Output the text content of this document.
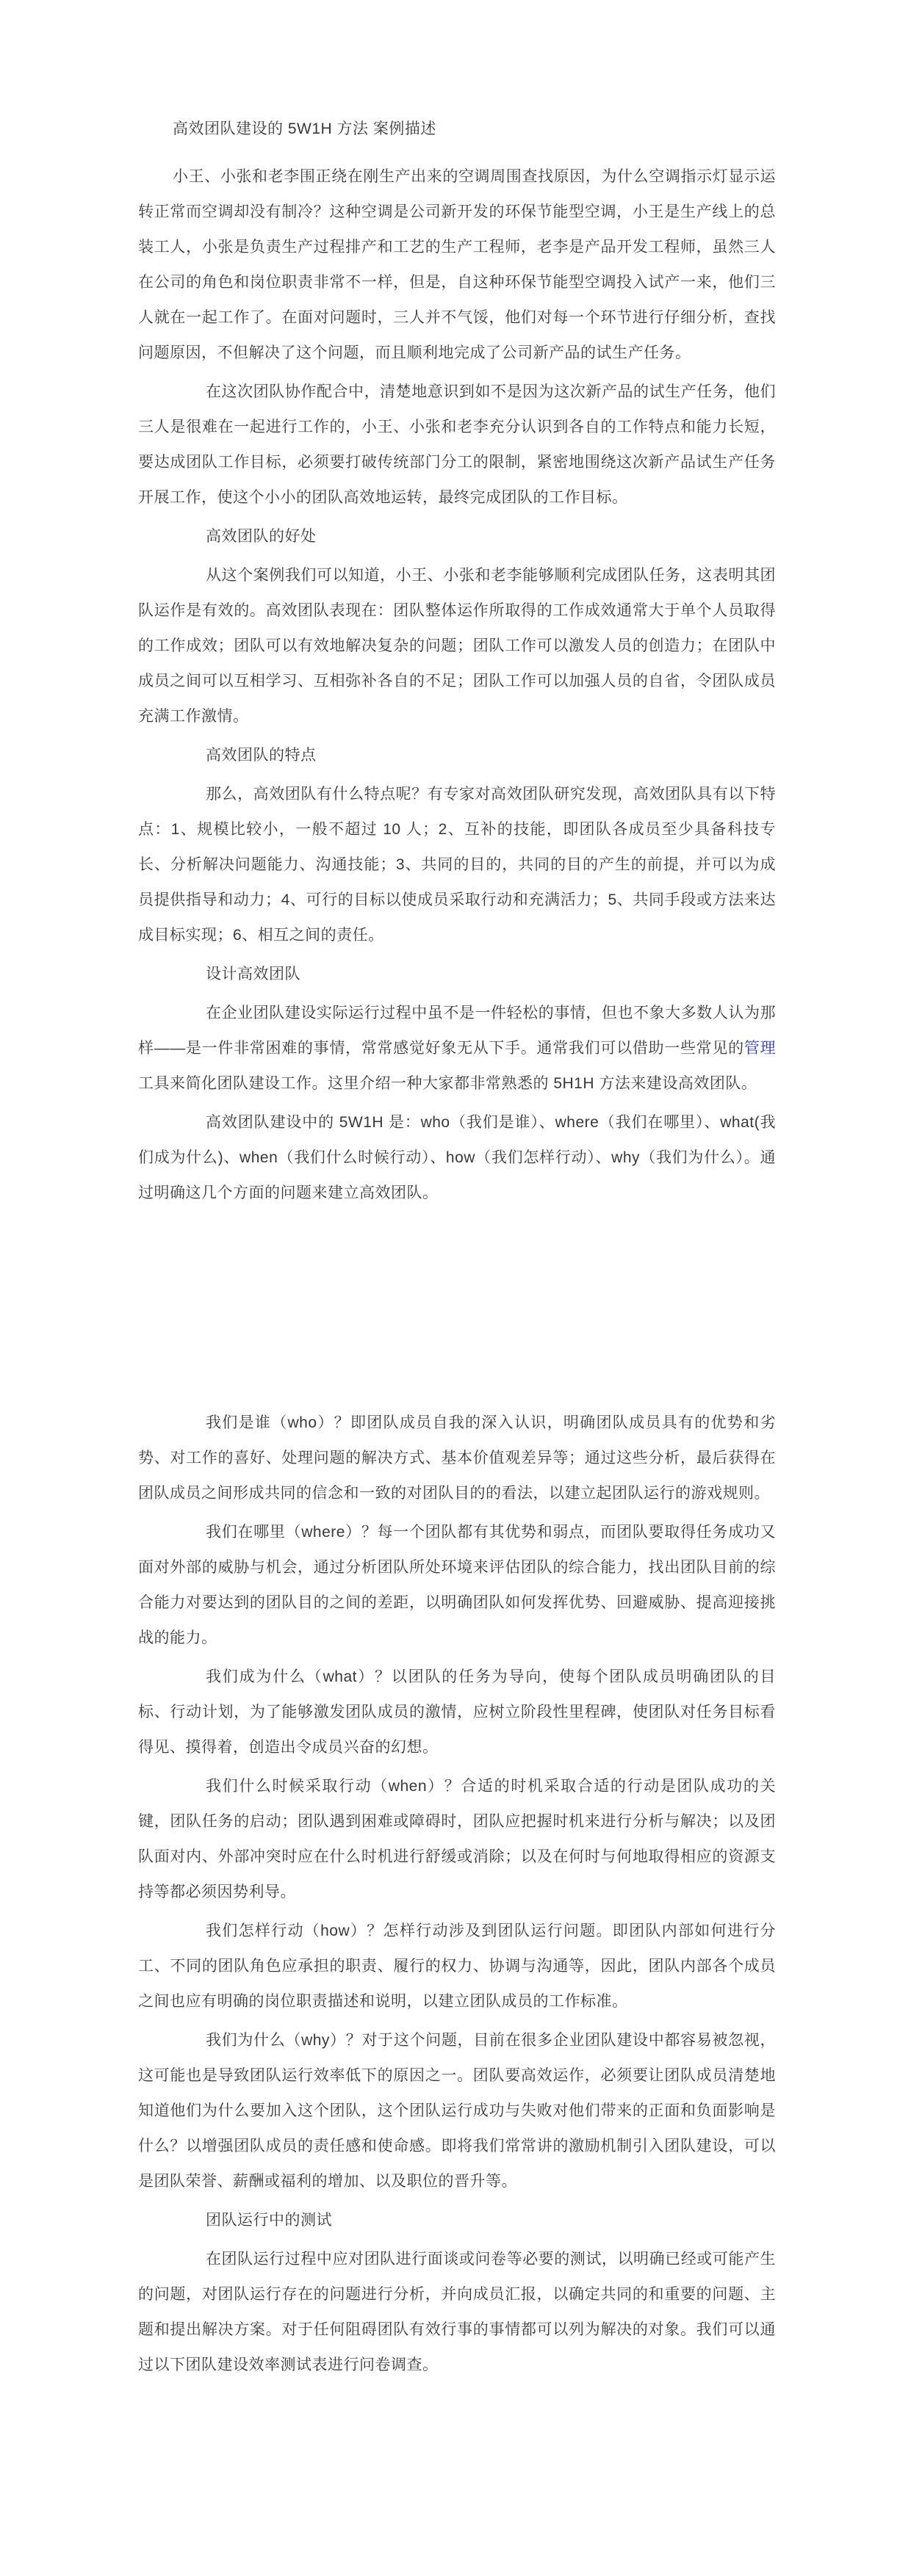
高效团队建设的 5W1H 方法 案例描述

小王、小张和老李围正绕在刚生产出来的空调周围查找原因，为什么空调指示灯显示运转正常而空调却没有制冷？这种空调是公司新开发的环保节能型空调，小王是生产线上的总装工人，小张是负责生产过程排产和工艺的生产工程师，老李是产品开发工程师，虽然三人在公司的角色和岗位职责非常不一样，但是，自这种环保节能型空调投入试产一来，他们三人就在一起工作了。在面对问题时，三人并不气馁，他们对每一个环节进行仔细分析，查找问题原因，不但解决了这个问题，而且顺利地完成了公司新产品的试生产任务。

在这次团队协作配合中，清楚地意识到如不是因为这次新产品的试生产任务，他们三人是很难在一起进行工作的，小王、小张和老李充分认识到各自的工作特点和能力长短，要达成团队工作目标，必须要打破传统部门分工的限制，紧密地围绕这次新产品试生产任务开展工作，使这个小小的团队高效地运转，最终完成团队的工作目标。

高效团队的好处

从这个案例我们可以知道，小王、小张和老李能够顺利完成团队任务，这表明其团队运作是有效的。高效团队表现在：团队整体运作所取得的工作成效通常大于单个人员取得的工作成效；团队可以有效地解决复杂的问题；团队工作可以激发人员的创造力；在团队中成员之间可以互相学习、互相弥补各自的不足；团队工作可以加强人员的自省，令团队成员充满工作激情。

高效团队的特点

那么，高效团队有什么特点呢？有专家对高效团队研究发现，高效团队具有以下特点：1、规模比较小，一般不超过 10 人；2、互补的技能，即团队各成员至少具备科技专长、分析解决问题能力、沟通技能；3、共同的目的，共同的目的产生的前提，并可以为成员提供指导和动力；4、可行的目标以使成员采取行动和充满活力；5、共同手段或方法来达成目标实现；6、相互之间的责任。

设计高效团队

在企业团队建设实际运行过程中虽不是一件轻松的事情，但也不象大多数人认为那样——是一件非常困难的事情，常常感觉好象无从下手。通常我们可以借助一些常见的管理工具来简化团队建设工作。这里介绍一种大家都非常熟悉的 5H1H 方法来建设高效团队。

高效团队建设中的 5W1H 是：who（我们是谁）、where（我们在哪里）、what(我们成为什么)、when（我们什么时候行动）、how（我们怎样行动）、why（我们为什么）。通过明确这几个方面的问题来建立高效团队。

我们是谁（who）？即团队成员自我的深入认识，明确团队成员具有的优势和劣势、对工作的喜好、处理问题的解决方式、基本价值观差异等；通过这些分析，最后获得在团队成员之间形成共同的信念和一致的对团队目的的看法，以建立起团队运行的游戏规则。

我们在哪里（where）？每一个团队都有其优势和弱点，而团队要取得任务成功又面对外部的威胁与机会，通过分析团队所处环境来评估团队的综合能力，找出团队目前的综合能力对要达到的团队目的之间的差距，以明确团队如何发挥优势、回避威胁、提高迎接挑战的能力。

我们成为什么（what）？以团队的任务为导向，使每个团队成员明确团队的目标、行动计划，为了能够激发团队成员的激情，应树立阶段性里程碑，使团队对任务目标看得见、摸得着，创造出令成员兴奋的幻想。

我们什么时候采取行动（when）？合适的时机采取合适的行动是团队成功的关键，团队任务的启动；团队遇到困难或障碍时，团队应把握时机来进行分析与解决；以及团队面对内、外部冲突时应在什么时机进行舒缓或消除；以及在何时与何地取得相应的资源支持等都必须因势利导。

我们怎样行动（how）？怎样行动涉及到团队运行问题。即团队内部如何进行分工、不同的团队角色应承担的职责、履行的权力、协调与沟通等，因此，团队内部各个成员之间也应有明确的岗位职责描述和说明，以建立团队成员的工作标准。

我们为什么（why）？对于这个问题，目前在很多企业团队建设中都容易被忽视，这可能也是导致团队运行效率低下的原因之一。团队要高效运作，必须要让团队成员清楚地知道他们为什么要加入这个团队，这个团队运行成功与失败对他们带来的正面和负面影响是什么？以增强团队成员的责任感和使命感。即将我们常常讲的激励机制引入团队建设，可以是团队荣誉、薪酬或福利的增加、以及职位的晋升等。

团队运行中的测试

在团队运行过程中应对团队进行面谈或问卷等必要的测试，以明确已经或可能产生的问题，对团队运行存在的问题进行分析，并向成员汇报，以确定共同的和重要的问题、主题和提出解决方案。对于任何阻碍团队有效行事的事情都可以列为解决的对象。我们可以通过以下团队建设效率测试表进行问卷调查。
